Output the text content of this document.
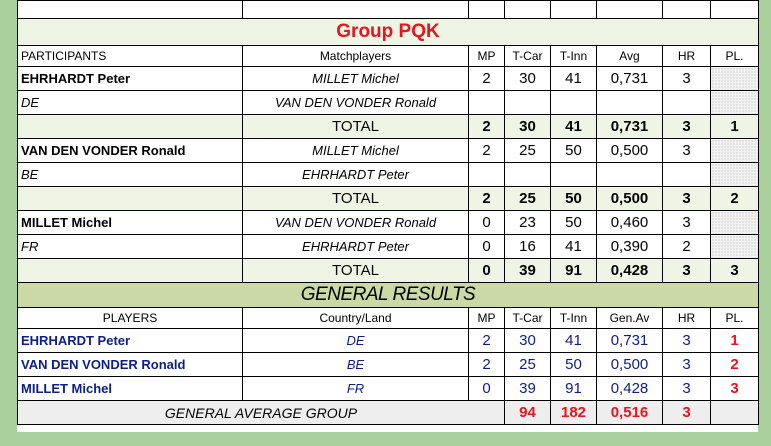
Group PQK							
PARTICIPANTS	Matchplayers	MP	T-Car	T-Inn	Avg	HR	PL.
EHRHARDT Peter	MILLET Michel	2	30	41	0,731	3	
DE	VAN DEN VONDER Ronald						
	TOTAL	2	30	41	0,731	3	1
VAN DEN VONDER Ronald	MILLET Michel	2	25	50	0,500	3	
BE	EHRHARDT Peter						
	TOTAL	2	25	50	0,500	3	2
MILLET Michel	VAN DEN VONDER Ronald	0	23	50	0,460	3	
FR	EHRHARDT Peter	0	16	41	0,390	2	
	TOTAL	0	39	91	0,428	3	3
GENERAL RESULTS							
PLAYERS	Country/Land	MP	T-Car	T-Inn	Gen.Av	HR	PL.
EHRHARDT Peter	DE	2	30	41	0,731	3	1
VAN DEN VONDER Ronald	BE	2	25	50	0,500	3	2
MILLET Michel	FR	0	39	91	0,428	3	3
GENERAL AVERAGE GROUP			94	182	0,516	3	
